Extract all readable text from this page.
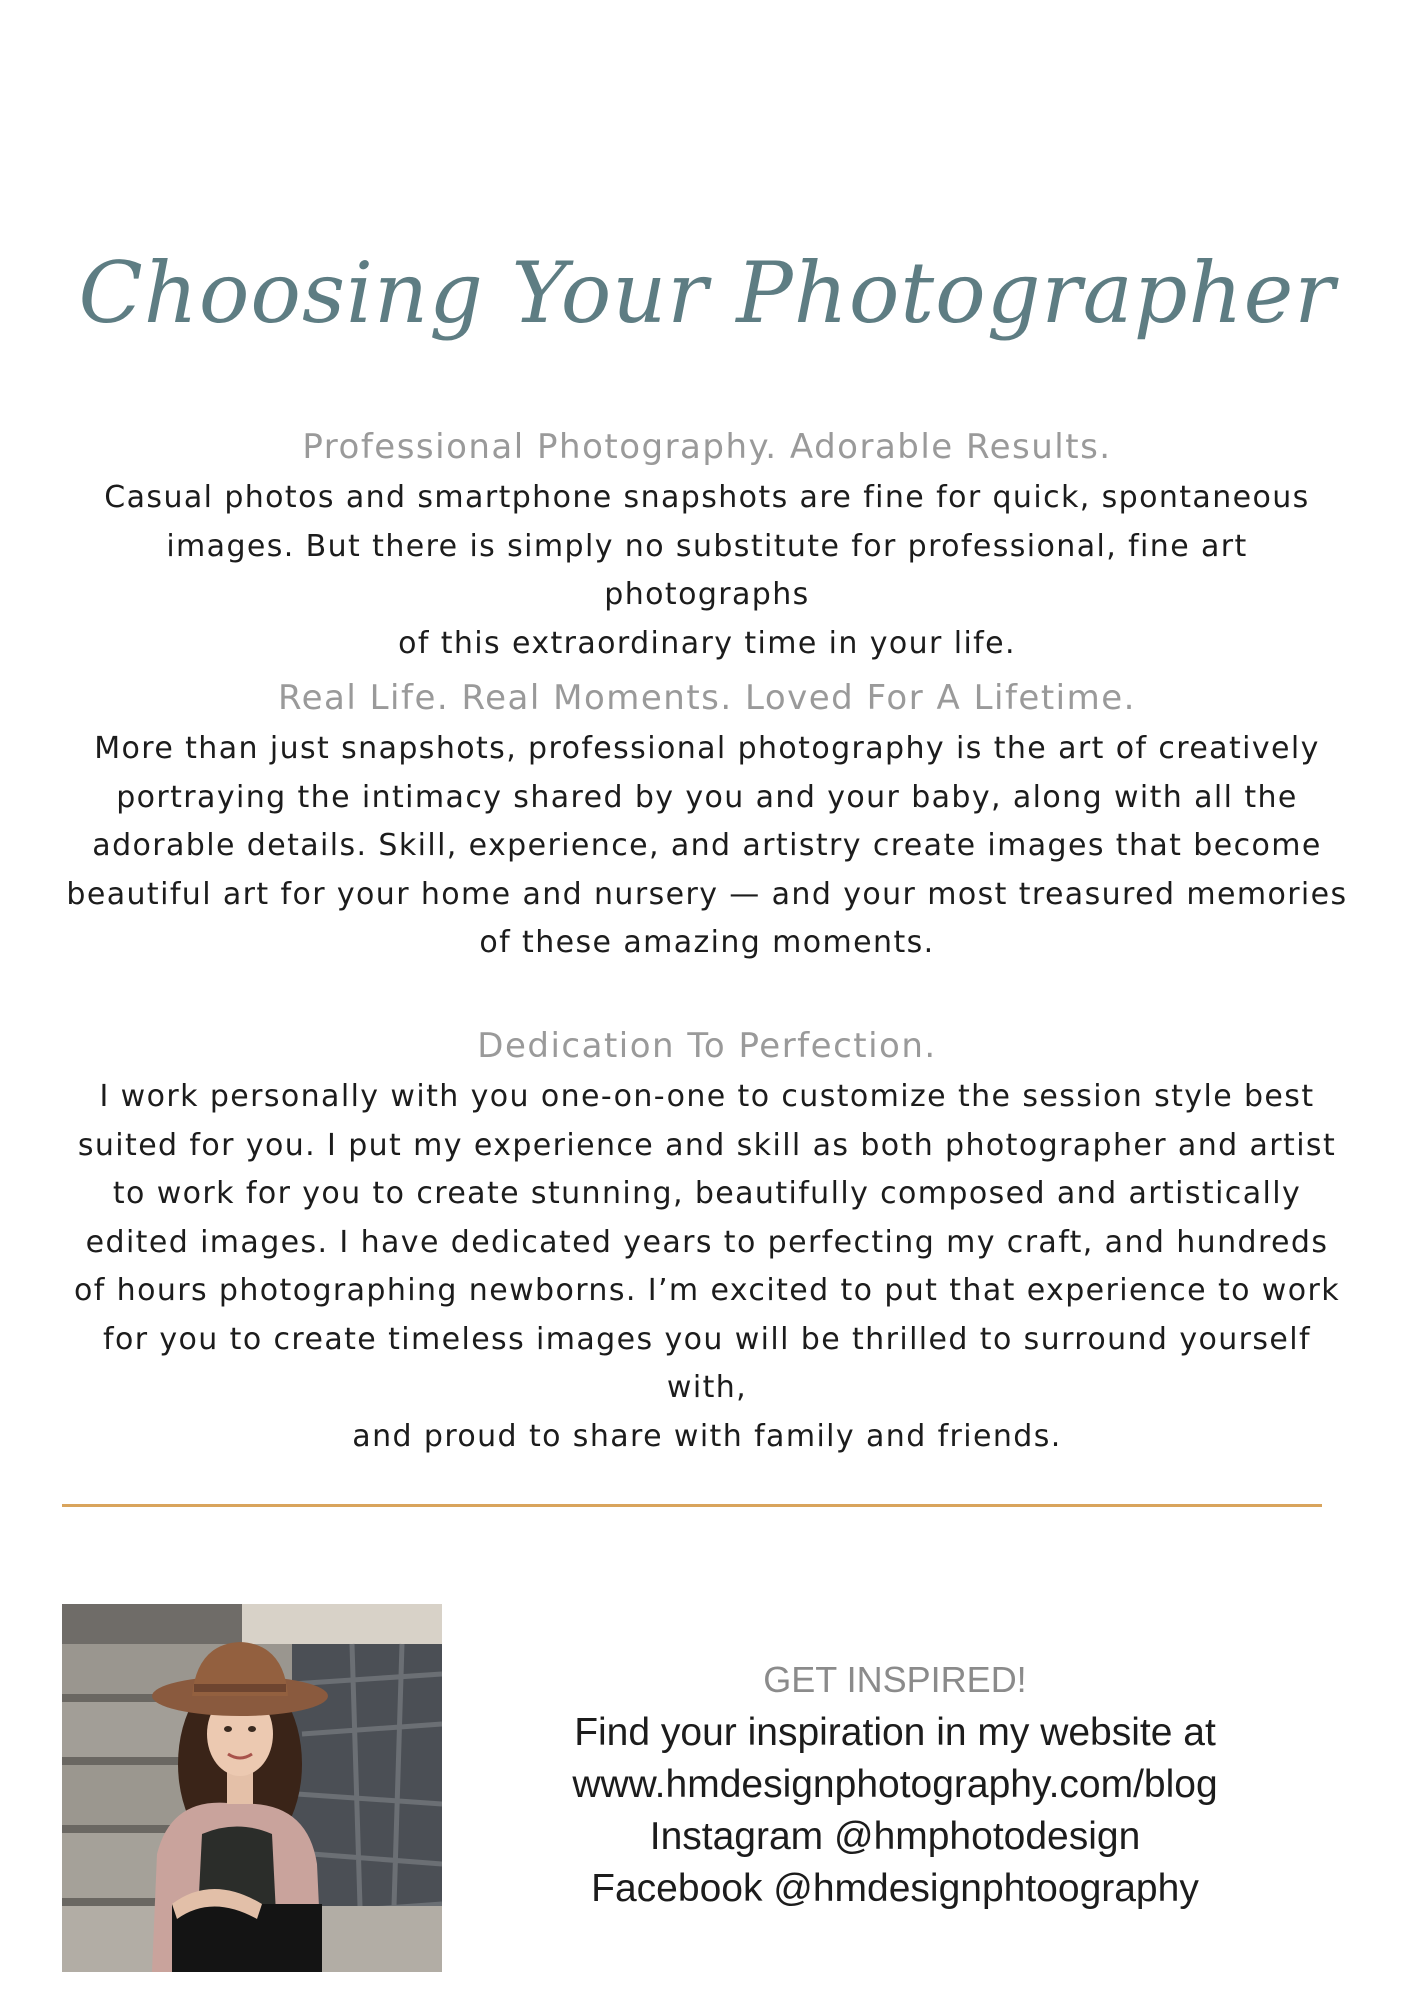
Choosing Your Photographer
Professional Photography. Adorable Results.

Casual photos and smartphone snapshots are fine for quick, spontaneous
images. But there is simply no substitute for professional, fine art photographs
of this extraordinary time in your life.

Real Life. Real Moments. Loved For A Lifetime.

More than just snapshots, professional photography is the art of creatively
portraying the intimacy shared by you and your baby, along with all the
adorable details. Skill, experience, and artistry create images that become
beautiful art for your home and nursery — and your most treasured memories
of these amazing moments.

Dedication To Perfection.

I work personally with you one-on-one to customize the session style best
suited for you. I put my experience and skill as both photographer and artist
to work for you to create stunning, beautifully composed and artistically
edited images. I have dedicated years to perfecting my craft, and hundreds
of hours photographing newborns. I’m excited to put that experience to work
for you to create timeless images you will be thrilled to surround yourself with,
and proud to share with family and friends.

GET INSPIRED!

Find your inspiration in my website at

www.hmdesignphotography.com/blog

Instagram @hmphotodesign

Facebook @hmdesignphtoography
